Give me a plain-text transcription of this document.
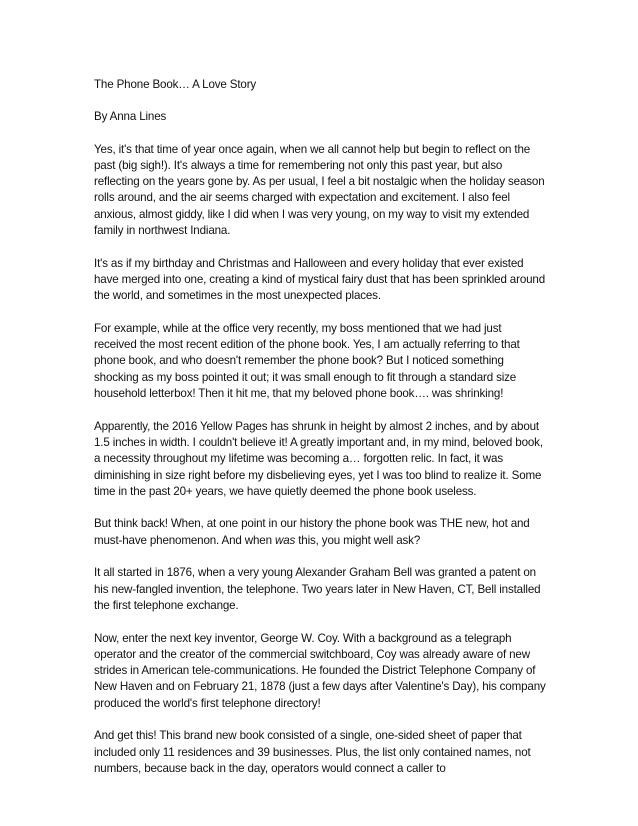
The Phone Book… A Love Story

By Anna Lines

Yes, it's that time of year once again, when we all cannot help but begin to reflect on the past (big sigh!). It's always a time for remembering not only this past year, but also reflecting on the years gone by. As per usual, I feel a bit nostalgic when the holiday season rolls around, and the air seems charged with expectation and excitement. I also feel anxious, almost giddy, like I did when I was very young, on my way to visit my extended family in northwest Indiana.

It's as if my birthday and Christmas and Halloween and every holiday that ever existed have merged into one, creating a kind of mystical fairy dust that has been sprinkled around the world, and sometimes in the most unexpected places.

For example, while at the office very recently, my boss mentioned that we had just received the most recent edition of the phone book. Yes, I am actually referring to that phone book, and who doesn't remember the phone book? But I noticed something shocking as my boss pointed it out; it was small enough to fit through a standard size household letterbox! Then it hit me, that my beloved phone book…. was shrinking!

Apparently, the 2016 Yellow Pages has shrunk in height by almost 2 inches, and by about 1.5 inches in width. I couldn't believe it! A greatly important and, in my mind, beloved book, a necessity throughout my lifetime was becoming a… forgotten relic. In fact, it was diminishing in size right before my disbelieving eyes, yet I was too blind to realize it. Some time in the past 20+ years, we have quietly deemed the phone book useless.

But think back! When, at one point in our history the phone book was THE new, hot and must-have phenomenon. And when was this, you might well ask?

It all started in 1876, when a very young Alexander Graham Bell was granted a patent on his new-fangled invention, the telephone. Two years later in New Haven, CT, Bell installed the first telephone exchange.

Now, enter the next key inventor, George W. Coy. With a background as a telegraph operator and the creator of the commercial switchboard, Coy was already aware of new strides in American tele-communications. He founded the District Telephone Company of New Haven and on February 21, 1878 (just a few days after Valentine's Day), his company produced the world's first telephone directory!

And get this! This brand new book consisted of a single, one-sided sheet of paper that included only 11 residences and 39 businesses. Plus, the list only contained names, not numbers, because back in the day, operators would connect a caller to
